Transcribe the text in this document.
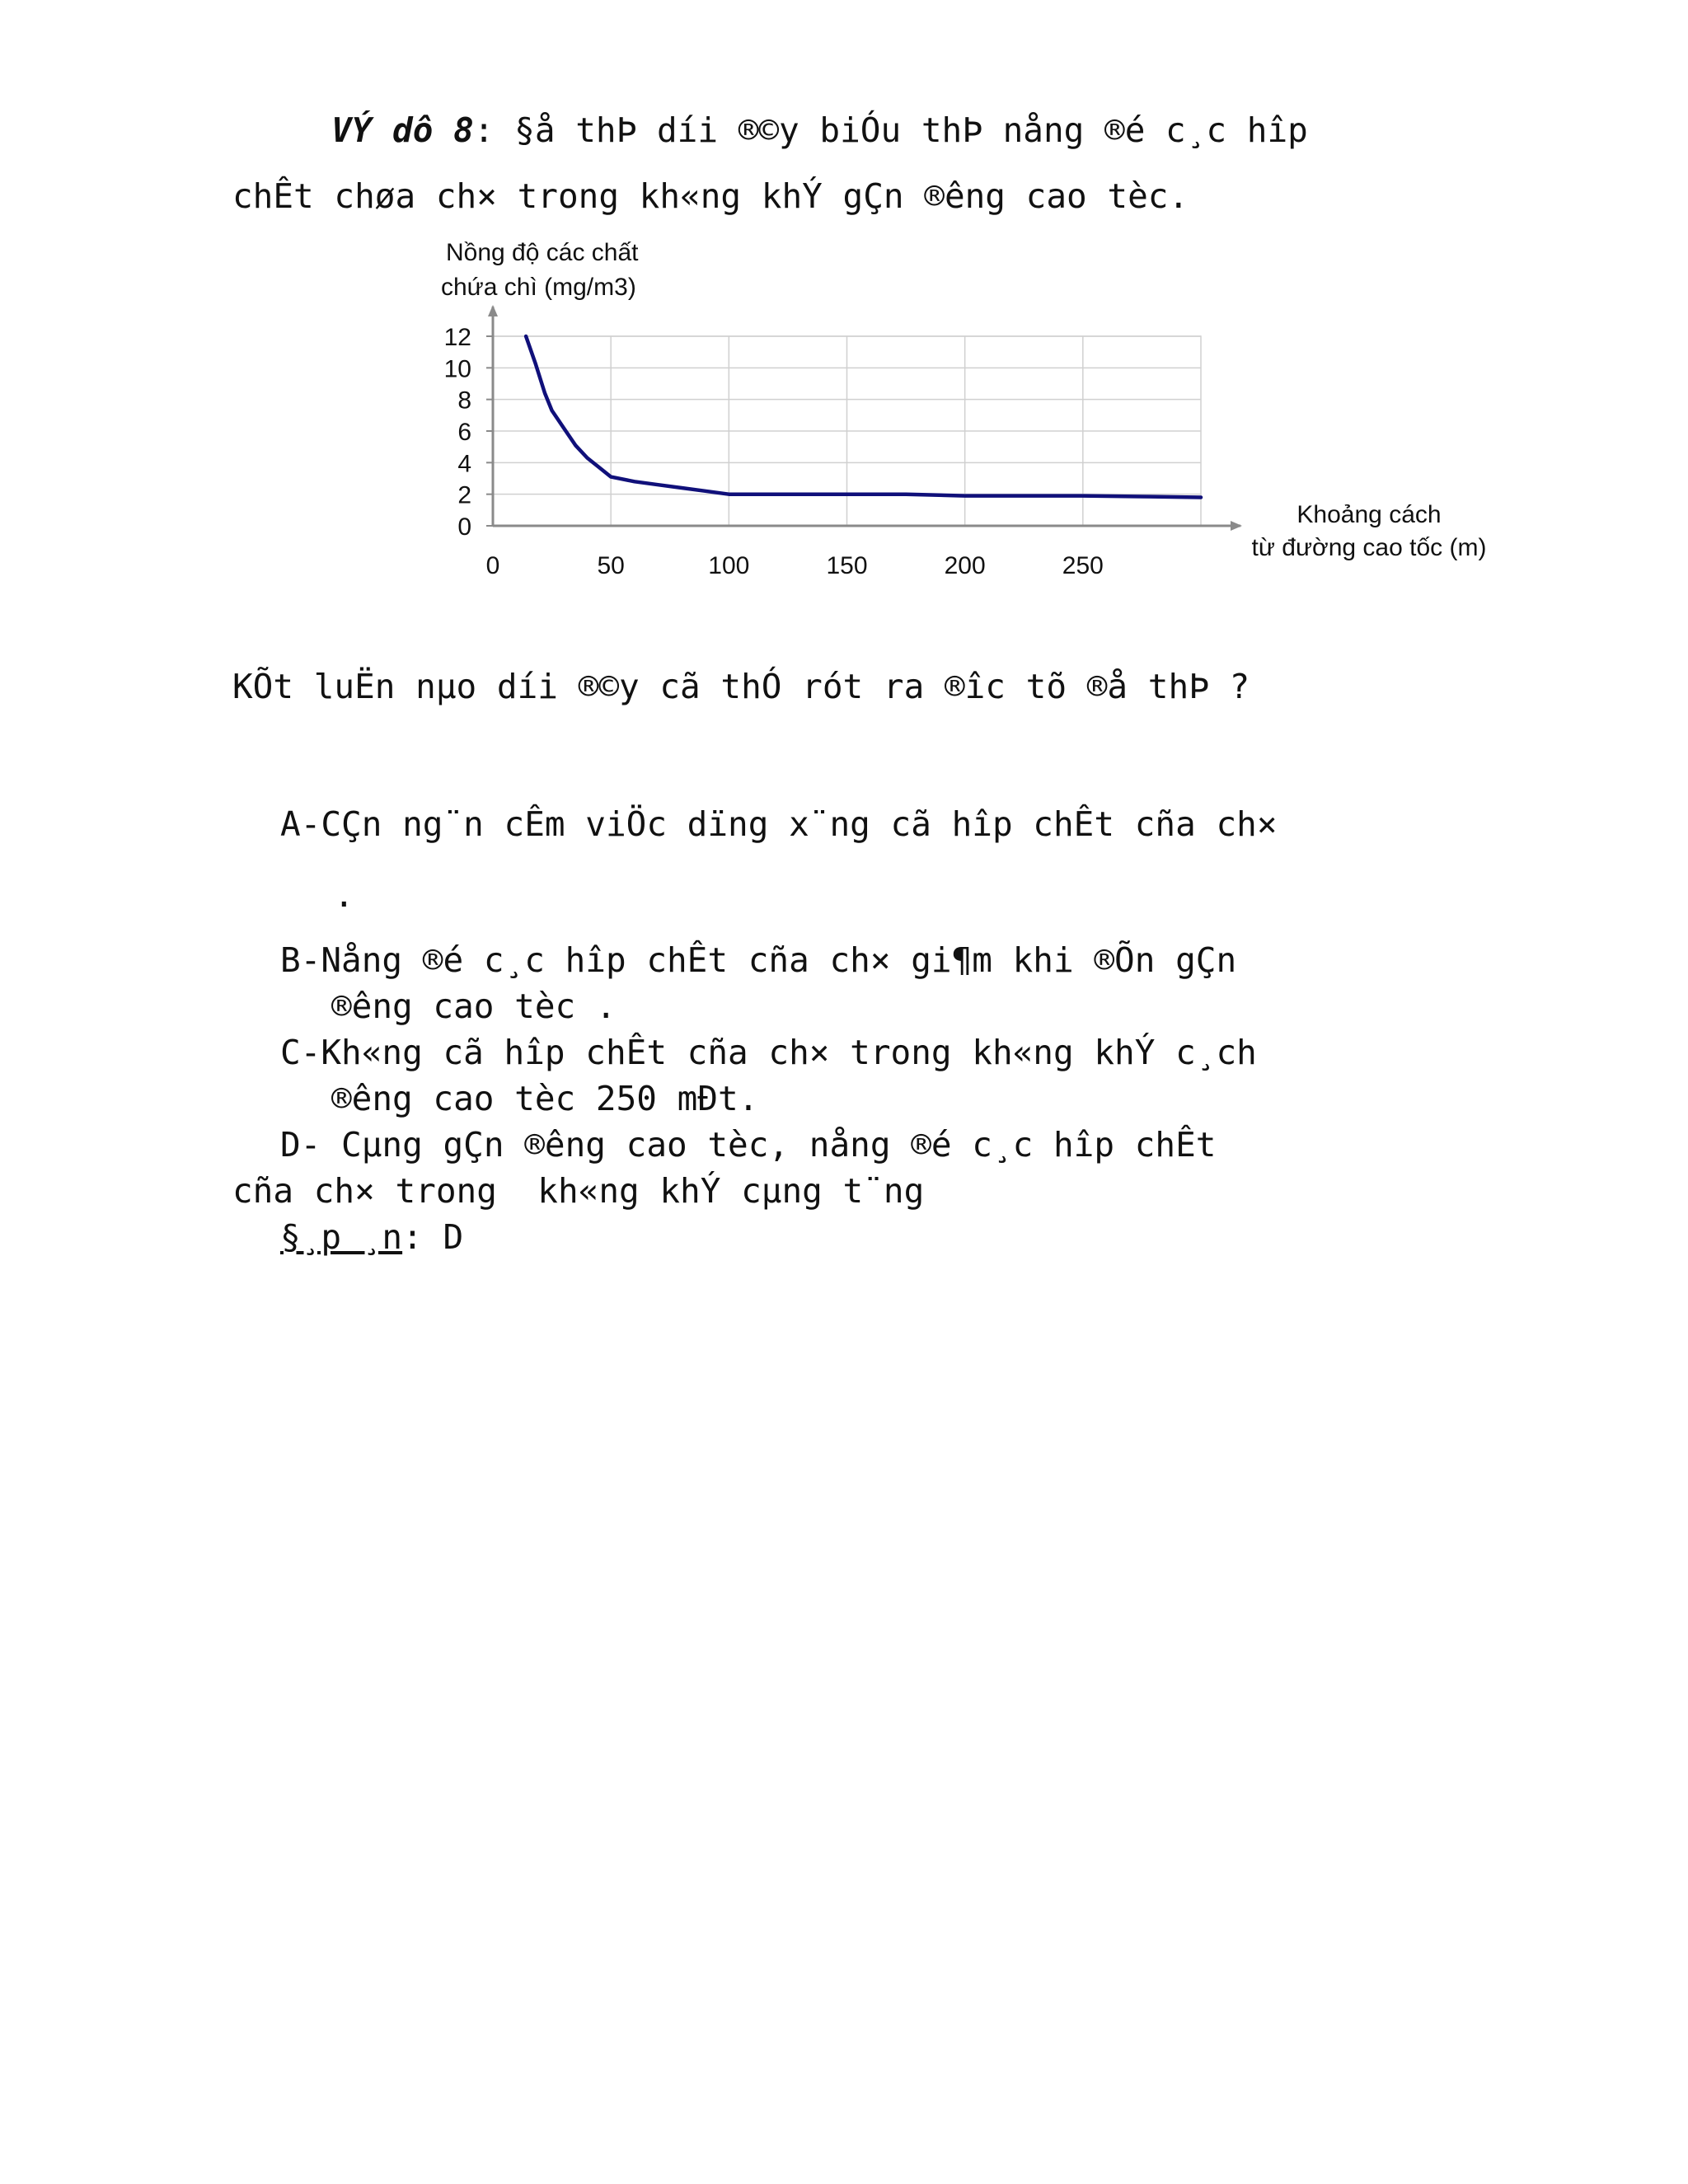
VÝ dô 8: §å thÞ díi ®©y biÓu thÞ nång ®é c¸c hîp
chÊt chøa ch× trong kh«ng khÝ gÇn ®êng cao tèc.
0
2
4
6
8
10
12
0	50	100	150	200	250
Nồng độ các chất
chứa chì (mg/m3)
Khoảng cách
từ đường cao tốc (m)
KÕt luËn nµo díi ®©y cã thÓ rót ra ®îc tõ ®å thÞ ?
A-CÇn ng¨n cÊm viÖc dïng x¨ng cã hîp chÊt cña ch×
.
B-Nång ®é c¸c hîp chÊt cña ch× gi¶m khi ®Õn gÇn
®êng cao tèc .
C-Kh«ng cã hîp chÊt cña ch× trong kh«ng khÝ c¸ch
®êng cao tèc 250 mÐt.
D- Cµng gÇn ®êng cao tèc, nång ®é c¸c hîp chÊt
cña ch× trong  kh«ng khÝ cµng t¨ng
§¸p ¸n: D
